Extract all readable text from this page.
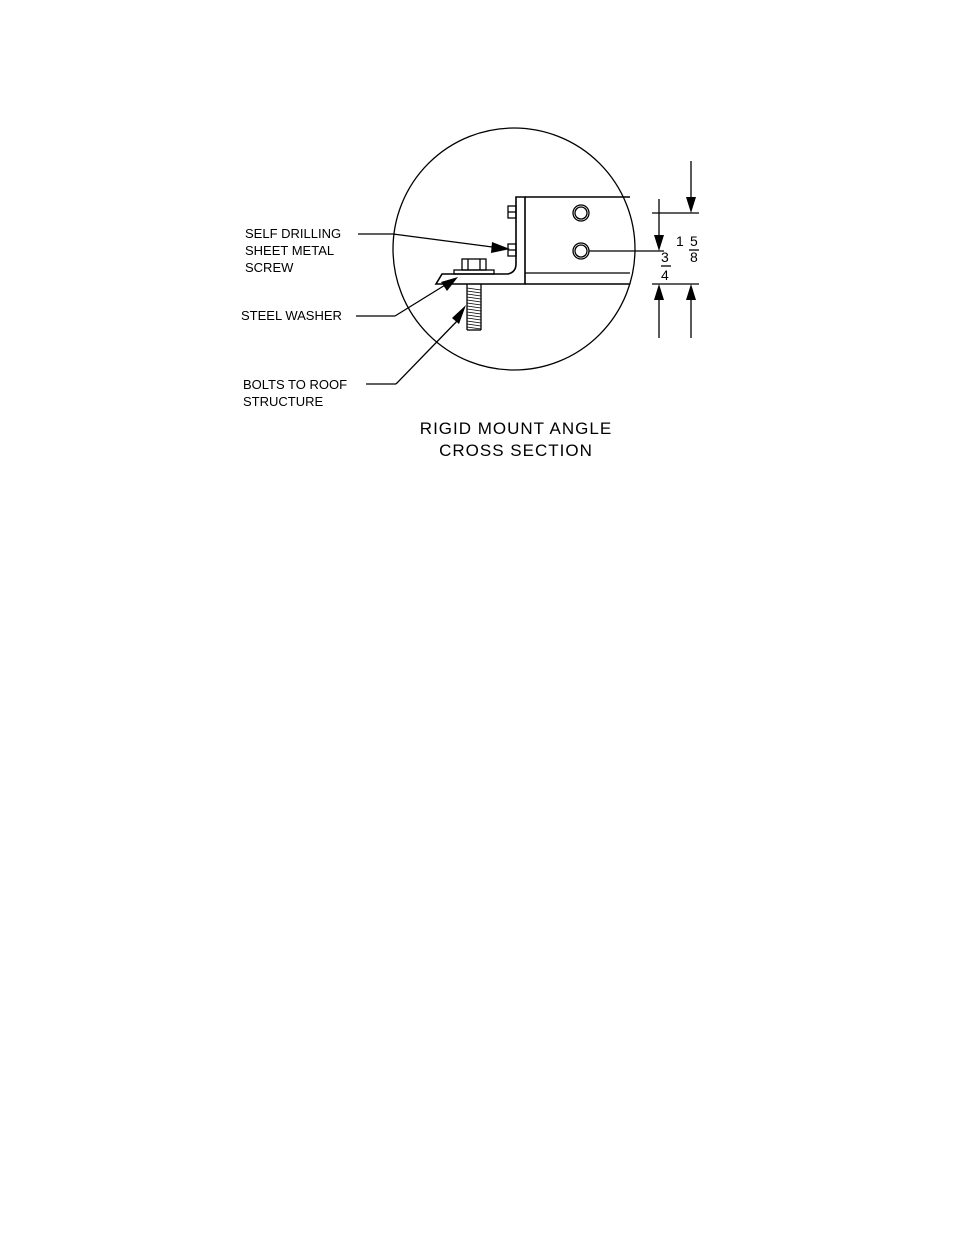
3
4
1 5
8
SELF DRILLING
SHEET METAL
SCREW
STEEL WASHER
BOLTS TO ROOF
STRUCTURE
RIGID MOUNT ANGLE
CROSS SECTION
